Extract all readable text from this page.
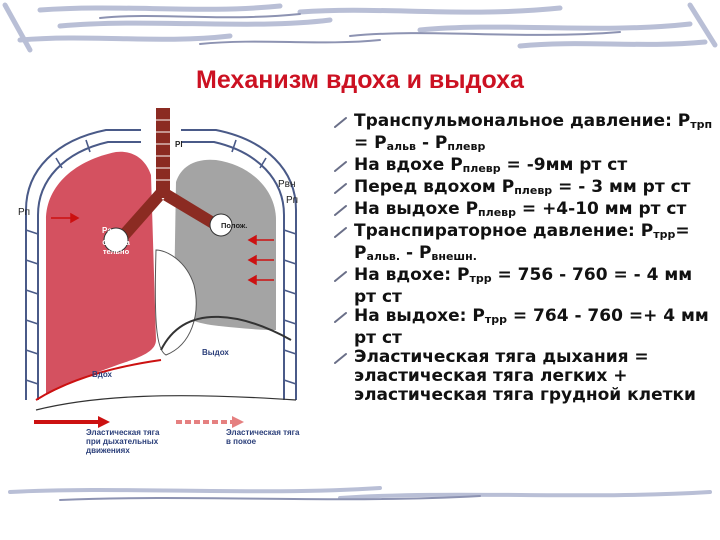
Механизм вдоха и выдоха
Рa
Отрица тельно
Pl
Рвн
Рп
Полож.
Рп
Выдох
Вдох
Эластическая тяга при дыхательных движениях
Эластическая тяга в покое
Транспульмональное давление: Ртрп = Ральв - Рплевр
На вдохе Рплевр = -9мм рт ст
Перед вдохом Рплевр = - 3 мм рт ст
На выдохе Рплевр = +4-10 мм рт ст
Транспираторное давление: Ртрр= Ральв. - Рвнешн.
На вдохе: Ртрр = 756 - 760 = - 4 мм рт ст
На выдохе: Ртрр = 764 - 760 =+ 4 мм рт ст
Эластическая тяга дыхания = эластическая тяга легких + эластическая тяга грудной клетки
